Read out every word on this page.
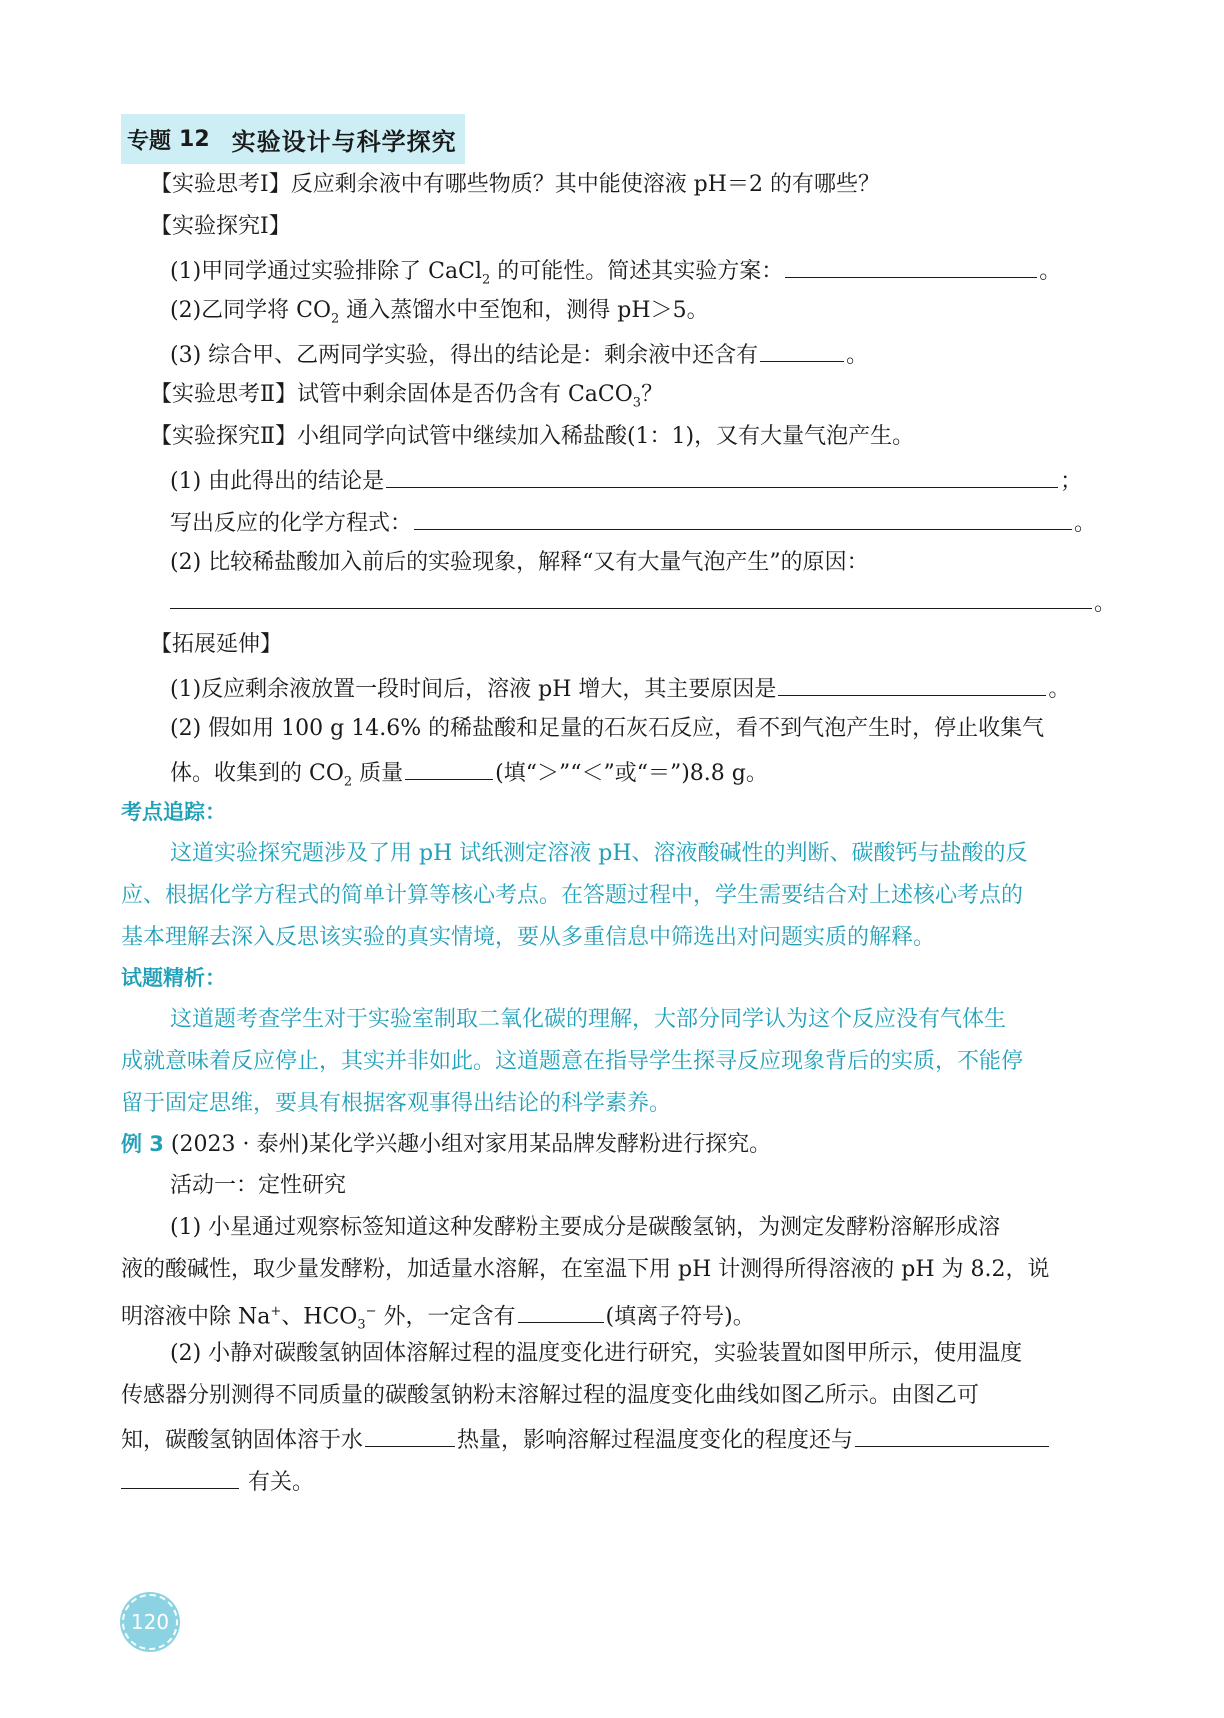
专题 12 实验设计与科学探究
【实验思考Ⅰ】反应剩余液中有哪些物质？其中能使溶液 pH＝2 的有哪些？
【实验探究Ⅰ】
(1)甲同学通过实验排除了 CaCl$_2$ 的可能性。简述其实验方案：	。
(2)乙同学将 $CO_2$ 通入蒸馏水中至饱和，测得 pH＞5。
(3) 综合甲、乙两同学实验，得出的结论是：剩余液中还含有	。
【实验思考Ⅱ】试管中剩余固体是否仍含有 CaCO$_3$？
【实验探究Ⅱ】小组同学向试管中继续加入稀盐酸(1：1)，又有大量气泡产生。
(1) 由此得出的结论是	；
写出反应的化学方程式：	。
(2) 比较稀盐酸加入前后的实验现象，解释“又有大量气泡产生”的原因：
。
【拓展延伸】
(1)反应剩余液放置一段时间后，溶液 pH 增大，其主要原因是	。
(2) 假如用 100 g 14.6% 的稀盐酸和足量的石灰石反应，看不到气泡产生时，停止收集气
体。收集到的 $CO_2$ 质量	(填“＞”“＜”或“＝”)8.8 g。
考点追踪：
这道实验探究题涉及了用 pH 试纸测定溶液 pH、溶液酸碱性的判断、碳酸钙与盐酸的反
应、根据化学方程式的简单计算等核心考点。在答题过程中，学生需要结合对上述核心考点的
基本理解去深入反思该实验的真实情境，要从多重信息中筛选出对问题实质的解释。
试题精析：
这道题考查学生对于实验室制取二氧化碳的理解，大部分同学认为这个反应没有气体生
成就意味着反应停止，其实并非如此。这道题意在指导学生探寻反应现象背后的实质，不能停
留于固定思维，要具有根据客观事得出结论的科学素养。
例 3 (2023 · 泰州)某化学兴趣小组对家用某品牌发酵粉进行探究。
活动一：定性研究
(1) 小星通过观察标签知道这种发酵粉主要成分是碳酸氢钠，为测定发酵粉溶解形成溶
液的酸碱性，取少量发酵粉，加适量水溶解，在室温下用 pH 计测得所得溶液的 pH 为 8.2，说
明溶液中除 Na+、$HCO_3^-$ 外，一定含有	(填离子符号)。
(2) 小静对碳酸氢钠固体溶解过程的温度变化进行研究，实验装置如图甲所示，使用温度
传感器分别测得不同质量的碳酸氢钠粉末溶解过程的温度变化曲线如图乙所示。由图乙可
知，碳酸氢钠固体溶于水	热量，影响溶解过程温度变化的程度还与
有关。
120
